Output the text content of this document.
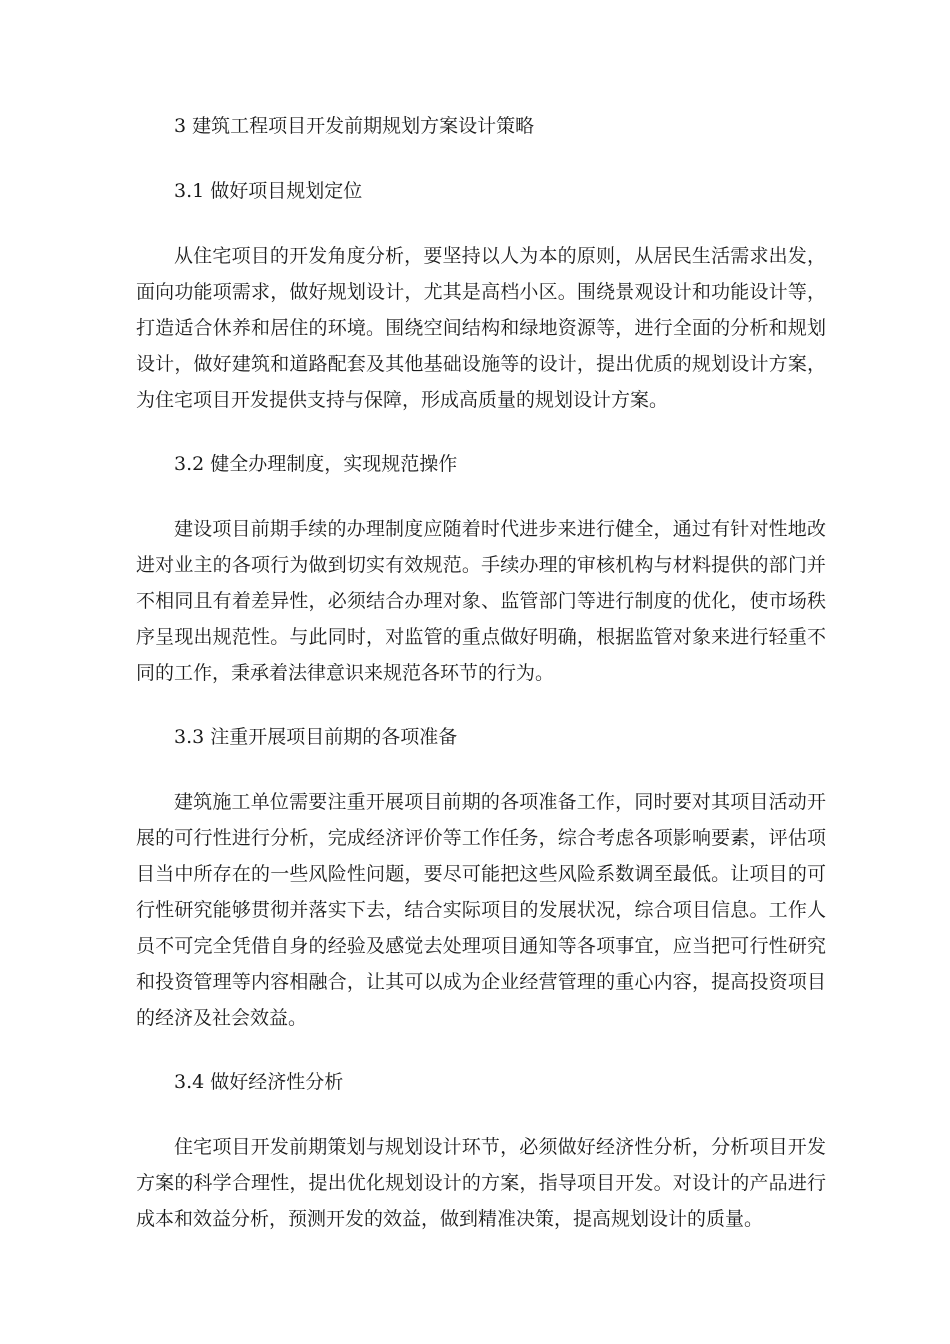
3 建筑工程项目开发前期规划方案设计策略
3.1 做好项目规划定位

从住宅项目的开发角度分析，要坚持以人为本的原则，从居民生活需求出发，面向功能项需求，做好规划设计，尤其是高档小区。围绕景观设计和功能设计等，打造适合休养和居住的环境。围绕空间结构和绿地资源等，进行全面的分析和规划设计，做好建筑和道路配套及其他基础设施等的设计，提出优质的规划设计方案，为住宅项目开发提供支持与保障，形成高质量的规划设计方案。

3.2 健全办理制度，实现规范操作

建设项目前期手续的办理制度应随着时代进步来进行健全，通过有针对性地改进对业主的各项行为做到切实有效规范。手续办理的审核机构与材料提供的部门并不相同且有着差异性，必须结合办理对象、监管部门等进行制度的优化，使市场秩序呈现出规范性。与此同时，对监管的重点做好明确，根据监管对象来进行轻重不同的工作，秉承着法律意识来规范各环节的行为。

3.3 注重开展项目前期的各项准备

建筑施工单位需要注重开展项目前期的各项准备工作，同时要对其项目活动开展的可行性进行分析，完成经济评价等工作任务，综合考虑各项影响要素，评估项目当中所存在的一些风险性问题，要尽可能把这些风险系数调至最低。让项目的可行性研究能够贯彻并落实下去，结合实际项目的发展状况，综合项目信息。工作人员不可完全凭借自身的经验及感觉去处理项目通知等各项事宜，应当把可行性研究和投资管理等内容相融合，让其可以成为企业经营管理的重心内容，提高投资项目的经济及社会效益。

3.4 做好经济性分析

住宅项目开发前期策划与规划设计环节，必须做好经济性分析，分析项目开发方案的科学合理性，提出优化规划设计的方案，指导项目开发。对设计的产品进行成本和效益分析，预测开发的效益，做到精准决策，提高规划设计的质量。
